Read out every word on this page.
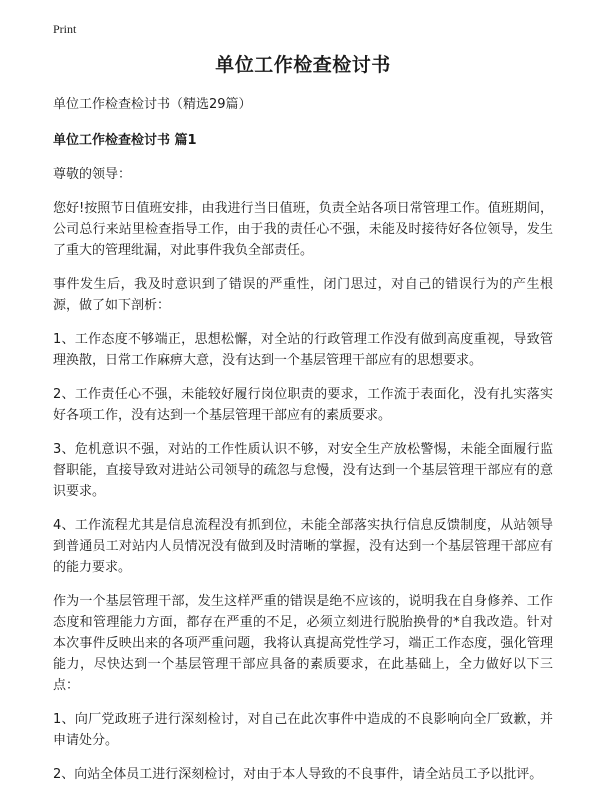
Print
单位工作检查检讨书

单位工作检查检讨书（精选29篇）

单位工作检查检讨书 篇1

尊敬的领导：

您好!按照节日值班安排，由我进行当日值班，负责全站各项日常管理工作。值班期间，公司总行来站里检查指导工作，由于我的责任心不强，未能及时接待好各位领导，发生了重大的管理纰漏，对此事件我负全部责任。

事件发生后，我及时意识到了错误的严重性，闭门思过，对自己的错误行为的产生根源，做了如下剖析：

1、工作态度不够端正，思想松懈，对全站的行政管理工作没有做到高度重视，导致管理涣散，日常工作麻痹大意，没有达到一个基层管理干部应有的思想要求。

2、工作责任心不强，未能较好履行岗位职责的要求，工作流于表面化，没有扎实落实好各项工作，没有达到一个基层管理干部应有的素质要求。

3、危机意识不强，对站的工作性质认识不够，对安全生产放松警惕，未能全面履行监督职能，直接导致对进站公司领导的疏忽与怠慢，没有达到一个基层管理干部应有的意识要求。

4、工作流程尤其是信息流程没有抓到位，未能全部落实执行信息反馈制度，从站领导到普通员工对站内人员情况没有做到及时清晰的掌握，没有达到一个基层管理干部应有的能力要求。

作为一个基层管理干部，发生这样严重的错误是绝不应该的，说明我在自身修养、工作态度和管理能力方面，都存在严重的不足，必须立刻进行脱胎换骨的*自我改造。针对本次事件反映出来的各项严重问题，我将认真提高党性学习，端正工作态度，强化管理能力，尽快达到一个基层管理干部应具备的素质要求，在此基础上，全力做好以下三点：

1、向厂党政班子进行深刻检讨，对自己在此次事件中造成的不良影响向全厂致歉，并申请处分。

2、向站全体员工进行深刻检讨，对由于本人导致的不良事件，请全站员工予以批评。
